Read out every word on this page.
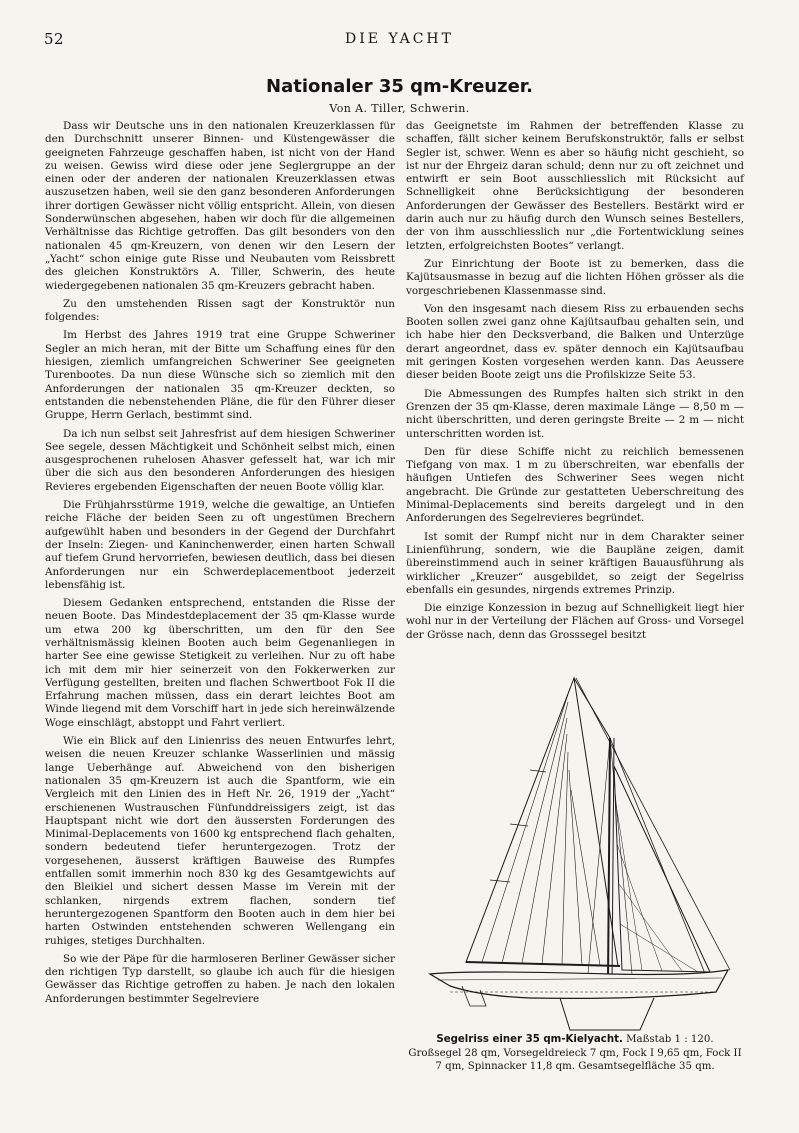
52	DIE YACHT
Nationaler 35 qm-Kreuzer.
Von A. Tiller, Schwerin.

Dass wir Deutsche uns in den nationalen Kreuzerklassen für den Durchschnitt unserer Binnen- und Küstengewässer die geeigneten Fahrzeuge geschaffen haben, ist nicht von der Hand zu weisen. Gewiss wird diese oder jene Seglergruppe an der einen oder der anderen der nationalen Kreuzerklassen etwas auszusetzen haben, weil sie den ganz besonderen Anforderungen ihrer dortigen Gewässer nicht völlig entspricht. Allein, von diesen Sonderwünschen abgesehen, haben wir doch für die allgemeinen Verhältnisse das Richtige getroffen. Das gilt besonders von den nationalen 45 qm-Kreuzern, von denen wir den Lesern der „Yacht“ schon einige gute Risse und Neubauten vom Reissbrett des gleichen Konstruktörs A. Tiller, Schwerin, des heute wiedergegebenen nationalen 35 qm-Kreuzers gebracht haben.

Zu den umstehenden Rissen sagt der Konstruktör nun folgendes:

Im Herbst des Jahres 1919 trat eine Gruppe Schweriner Segler an mich heran, mit der Bitte um Schaffung eines für den hiesigen, ziemlich umfangreichen Schweriner See geeigneten Turenbootes. Da nun diese Wünsche sich so ziemlich mit den Anforderungen der nationalen 35 qm-Kreuzer deckten, so entstanden die nebenstehenden Pläne, die für den Führer dieser Gruppe, Herrn Gerlach, bestimmt sind.

Da ich nun selbst seit Jahresfrist auf dem hiesigen Schweriner See segele, dessen Mächtigkeit und Schönheit selbst mich, einen ausgesprochenen ruhelosen Ahasver gefesselt hat, war ich mir über die sich aus den besonderen Anforderungen des hiesigen Revieres ergebenden Eigenschaften der neuen Boote völlig klar.

Die Frühjahrsstürme 1919, welche die gewaltige, an Untiefen reiche Fläche der beiden Seen zu oft ungestümen Brechern aufgewühlt haben und besonders in der Gegend der Durchfahrt der Inseln: Ziegen- und Kaninchenwerder, einen harten Schwall auf tiefem Grund hervorriefen, bewiesen deutlich, dass bei diesen Anforderungen nur ein Schwerdeplacementboot jederzeit lebensfähig ist.

Diesem Gedanken entsprechend, entstanden die Risse der neuen Boote. Das Mindestdeplacement der 35 qm-Klasse wurde um etwa 200 kg überschritten, um den für den See verhältnismässig kleinen Booten auch beim Gegenanliegen in harter See eine gewisse Stetigkeit zu verleihen. Nur zu oft habe ich mit dem mir hier seinerzeit von den Fokkerwerken zur Verfügung gestellten, breiten und flachen Schwertboot Fok II die Erfahrung machen müssen, dass ein derart leichtes Boot am Winde liegend mit dem Vorschiff hart in jede sich hereinwälzende Woge einschlägt, abstoppt und Fahrt verliert.

Wie ein Blick auf den Linienriss des neuen Entwurfes lehrt, weisen die neuen Kreuzer schlanke Wasserlinien und mässig lange Ueberhänge auf. Abweichend von den bisherigen nationalen 35 qm-Kreuzern ist auch die Spantform, wie ein Vergleich mit den Linien des in Heft Nr. 26, 1919 der „Yacht“ erschienenen Wustrauschen Fünfunddreissigers zeigt, ist das Hauptspant nicht wie dort den äussersten Forderungen des Minimal-Deplacements von 1600 kg entsprechend flach gehalten, sondern bedeutend tiefer heruntergezogen. Trotz der vorgesehenen, äusserst kräftigen Bauweise des Rumpfes entfallen somit immerhin noch 830 kg des Gesamtgewichts auf den Bleikiel und sichert dessen Masse im Verein mit der schlanken, nirgends extrem flachen, sondern tief heruntergezogenen Spantform den Booten auch in dem hier bei harten Ostwinden entstehenden schweren Wellengang ein ruhiges, stetiges Durchhalten.

So wie der Päpe für die harmloseren Berliner Gewässer sicher den richtigen Typ darstellt, so glaube ich auch für die hiesigen Gewässer das Richtige getroffen zu haben. Je nach den lokalen Anforderungen bestimmter Segelreviere

das Geeignetste im Rahmen der betreffenden Klasse zu schaffen, fällt sicher keinem Berufskonstruktör, falls er selbst Segler ist, schwer. Wenn es aber so häufig nicht geschieht, so ist nur der Ehrgeiz daran schuld; denn nur zu oft zeichnet und entwirft er sein Boot ausschliesslich mit Rücksicht auf Schnelligkeit ohne Berücksichtigung der besonderen Anforderungen der Gewässer des Bestellers. Bestärkt wird er darin auch nur zu häufig durch den Wunsch seines Bestellers, der von ihm ausschliesslich nur „die Fortentwicklung seines letzten, erfolgreichsten Bootes“ verlangt.

Zur Einrichtung der Boote ist zu bemerken, dass die Kajütsausmasse in bezug auf die lichten Höhen grösser als die vorgeschriebenen Klassenmasse sind.

Von den insgesamt nach diesem Riss zu erbauenden sechs Booten sollen zwei ganz ohne Kajütsaufbau gehalten sein, und ich habe hier den Decksverband, die Balken und Unterzüge derart angeordnet, dass ev. später dennoch ein Kajütsaufbau mit geringen Kosten vorgesehen werden kann. Das Aeussere dieser beiden Boote zeigt uns die Profilskizze Seite 53.

Die Abmessungen des Rumpfes halten sich strikt in den Grenzen der 35 qm-Klasse, deren maximale Länge — 8,50 m — nicht überschritten, und deren geringste Breite — 2 m — nicht unterschritten worden ist.

Den für diese Schiffe nicht zu reichlich bemessenen Tiefgang von max. 1 m zu überschreiten, war ebenfalls der häufigen Untiefen des Schweriner Sees wegen nicht angebracht. Die Gründe zur gestatteten Ueberschreitung des Minimal-Deplacements sind bereits dargelegt und in den Anforderungen des Segelrevieres begründet.

Ist somit der Rumpf nicht nur in dem Charakter seiner Linienführung, sondern, wie die Baupläne zeigen, damit übereinstimmend auch in seiner kräftigen Bauausführung als wirklicher „Kreuzer“ ausgebildet, so zeigt der Segelriss ebenfalls ein gesundes, nirgends extremes Prinzip.

Die einzige Konzession in bezug auf Schnelligkeit liegt hier wohl nur in der Verteilung der Flächen auf Gross- und Vorsegel der Grösse nach, denn das Grosssegel besitzt

Segelriss einer 35 qm-Kielyacht. Maßstab 1 : 120.
Großsegel 28 qm, Vorsegeldreieck 7 qm, Fock I 9,65 qm, Fock II
7 qm, Spinnacker 11,8 qm. Gesamtsegelfläche 35 qm.
